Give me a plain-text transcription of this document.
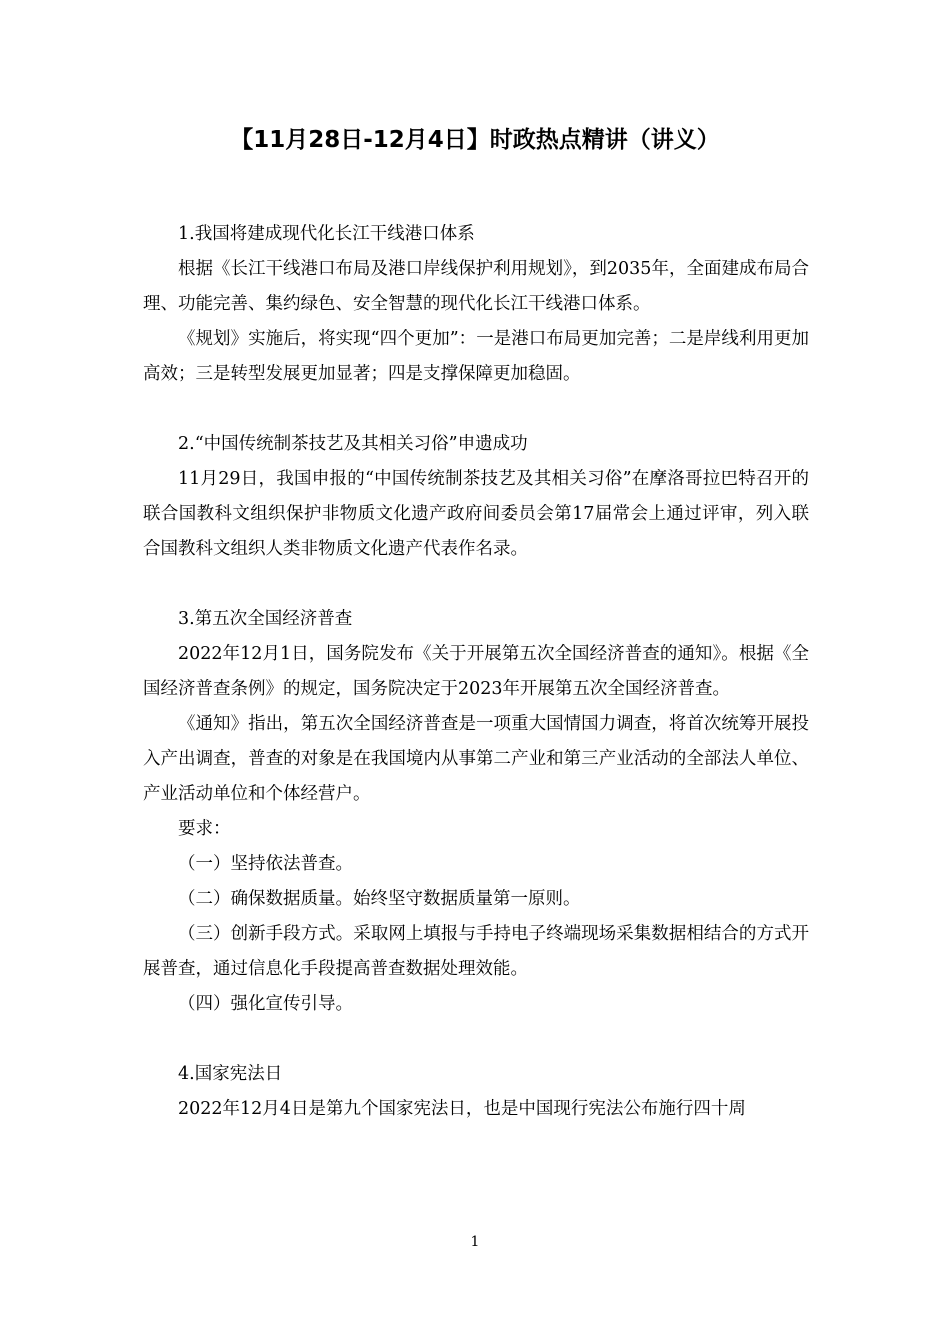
【11月28日-12月4日】时政热点精讲（讲义）

1.我国将建成现代化长江干线港口体系

根据《长江干线港口布局及港口岸线保护利用规划》，到2035年，全面建成布局合理、功能完善、集约绿色、安全智慧的现代化长江干线港口体系。

《规划》实施后，将实现“四个更加”：一是港口布局更加完善；二是岸线利用更加高效；三是转型发展更加显著；四是支撑保障更加稳固。

2.“中国传统制茶技艺及其相关习俗”申遗成功

11月29日，我国申报的“中国传统制茶技艺及其相关习俗”在摩洛哥拉巴特召开的联合国教科文组织保护非物质文化遗产政府间委员会第17届常会上通过评审，列入联合国教科文组织人类非物质文化遗产代表作名录。

3.第五次全国经济普查

2022年12月1日，国务院发布《关于开展第五次全国经济普查的通知》。根据《全国经济普查条例》的规定，国务院决定于2023年开展第五次全国经济普查。

《通知》指出，第五次全国经济普查是一项重大国情国力调查，将首次统筹开展投入产出调查，普查的对象是在我国境内从事第二产业和第三产业活动的全部法人单位、产业活动单位和个体经营户。

要求：

（一）坚持依法普查。

（二）确保数据质量。始终坚守数据质量第一原则。

（三）创新手段方式。采取网上填报与手持电子终端现场采集数据相结合的方式开展普查，通过信息化手段提高普查数据处理效能。

（四）强化宣传引导。

4.国家宪法日

2022年12月4日是第九个国家宪法日，也是中国现行宪法公布施行四十周

1
